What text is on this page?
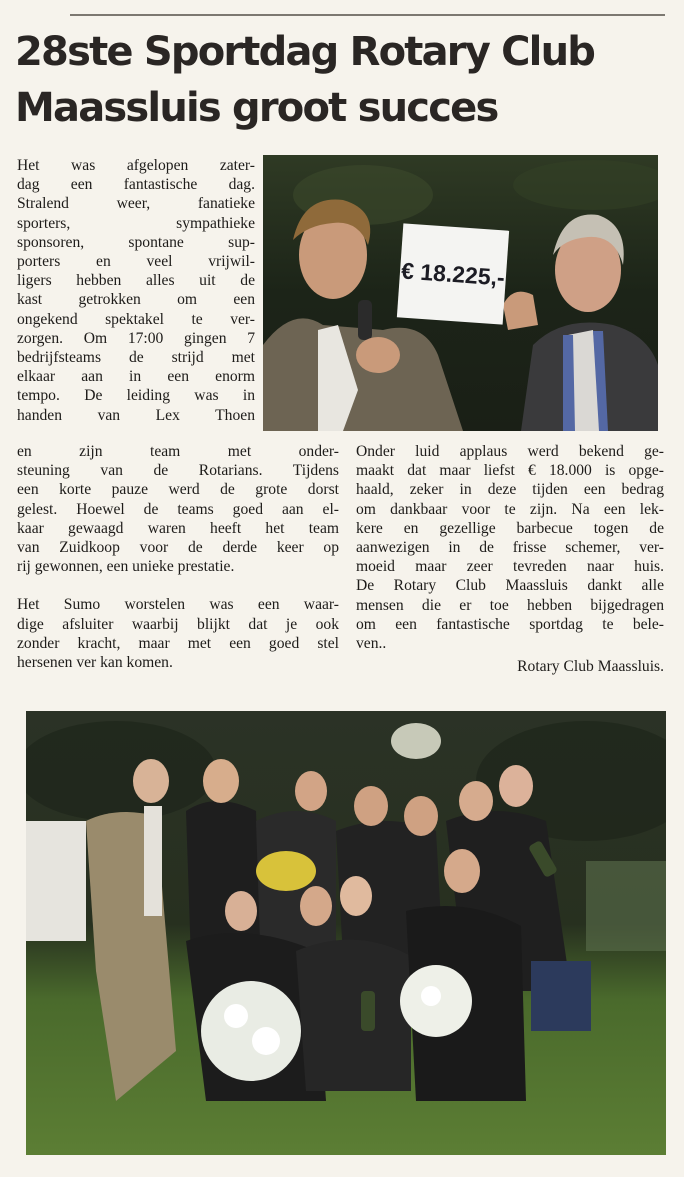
28ste Sportdag Rotary Club
Maassluis groot succes

Het was afgelopen zater-
dag een fantastische dag.
Stralend weer, fanatieke
sporters, sympathieke
sponsoren, spontane sup-
porters en veel vrijwil-
ligers hebben alles uit de
kast getrokken om een
ongekend spektakel te ver-
zorgen. Om 17:00 gingen 7
bedrijfsteams de strijd met
elkaar aan in een enorm
tempo. De leiding was in
handen van Lex Thoen

€ 18.225,-

en zijn team met onder-
steuning van de Rotarians. Tijdens
een korte pauze werd de grote dorst
gelest. Hoewel de teams goed aan el-
kaar gewaagd waren heeft het team
van Zuidkoop voor de derde keer op
rij gewonnen, een unieke prestatie.

Het Sumo worstelen was een waar-
dige afsluiter waarbij blijkt dat je ook
zonder kracht, maar met een goed stel
hersenen ver kan komen.

Onder luid applaus werd bekend ge-
maakt dat maar liefst € 18.000 is opge-
haald, zeker in deze tijden een bedrag
om dankbaar voor te zijn. Na een lek-
kere en gezellige barbecue togen de
aanwezigen in de frisse schemer, ver-
moeid maar zeer tevreden naar huis.
De Rotary Club Maassluis dankt alle
mensen die er toe hebben bijgedragen
om een fantastische sportdag te bele-
ven..

Rotary Club Maassluis.
